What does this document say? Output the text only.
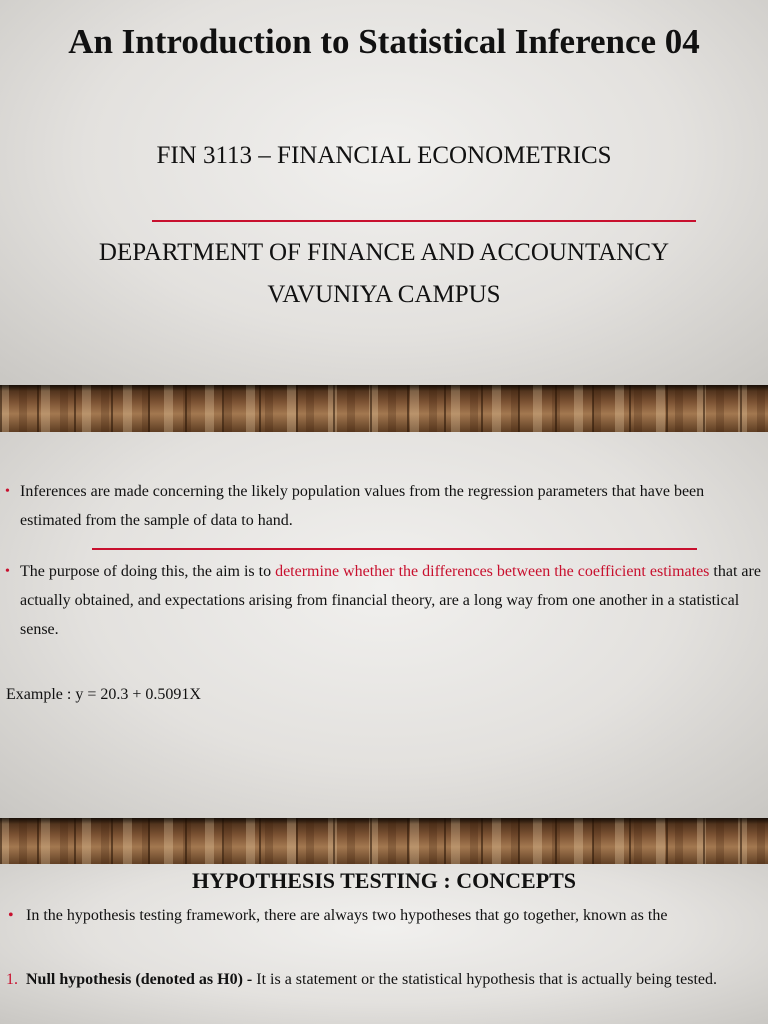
An Introduction to Statistical Inference 04
FIN 3113 – FINANCIAL ECONOMETRICS
DEPARTMENT OF FINANCE AND ACCOUNTANCY
VAVUNIYA CAMPUS
• Inferences are made concerning the likely population values from the regression parameters that have been estimated from the sample of data to hand.
• The purpose of doing this, the aim is to determine whether the differences between the coefficient estimates that are actually obtained, and expectations arising from financial theory, are a long way from one another in a statistical sense.
Example : y = 20.3 + 0.5091X
HYPOTHESIS TESTING : CONCEPTS
• In the hypothesis testing framework, there are always two hypotheses that go together, known as the
1. Null hypothesis (denoted as H0) - It is a statement or the statistical hypothesis that is actually being tested.
